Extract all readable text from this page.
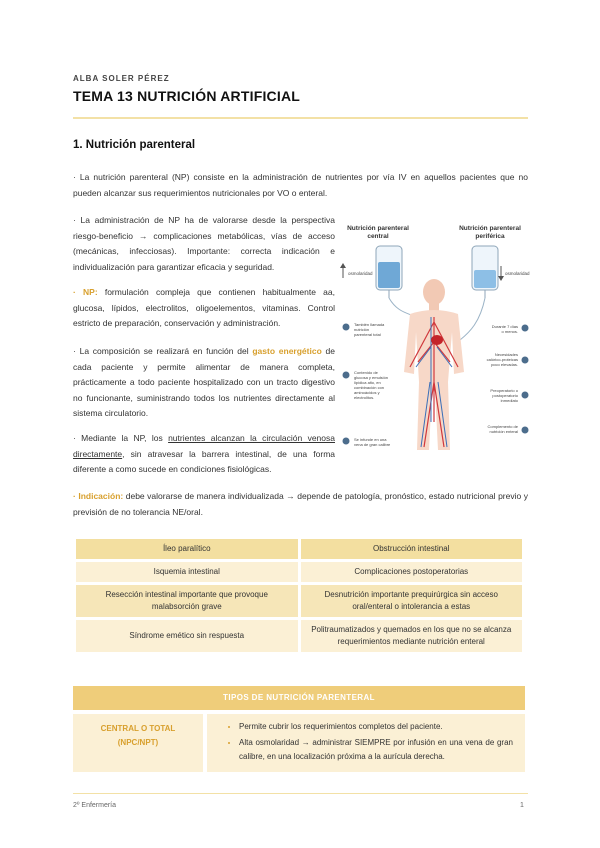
ALBA SOLER PÉREZ
TEMA 13 NUTRICIÓN ARTIFICIAL
1. Nutrición parenteral
· La nutrición parenteral (NP) consiste en la administración de nutrientes por vía IV en aquellos pacientes que no pueden alcanzar sus requerimientos nutricionales por VO o enteral.
· La administración de NP ha de valorarse desde la perspectiva riesgo-beneficio → complicaciones metabólicas, vías de acceso (mecánicas, infecciosas). Importante: correcta indicación e individualización para garantizar eficacia y seguridad.
· NP: formulación compleja que contienen habitualmente aa, glucosa, lípidos, electrolitos, oligoelementos, vitaminas. Control estricto de preparación, conservación y administración.
· La composición se realizará en función del gasto energético de cada paciente y permite alimentar de manera completa, prácticamente a todo paciente hospitalizado con un tracto digestivo no funcionante, suministrando todos los nutrientes directamente al sistema circulatorio.
· Mediante la NP, los nutrientes alcanzan la circulación venosa directamente, sin atravesar la barrera intestinal, de una forma diferente a como sucede en condiciones fisiológicas.
· Indicación: debe valorarse de manera individualizada → depende de patología, pronóstico, estado nutricional previo y previsión de no tolerancia NE/oral.
Nutrición parenteral
central
Nutrición parenteral
periférica
osmolaridad	osmolaridad
También llamada nutrición parenteral total
Contenido de glucosa y emulsión lipídica alto, en combinación con aminoácidos y electrolitos.
Se infunde en una vena de gran calibre
Durante 7 días o menos.
Necesidades calórico-proteicas poco elevadas.
Preoperatorio o postoperatorio inmediato
Complemento de nutrición enteral
Íleo paralítico	Obstrucción intestinal
Isquemia intestinal	Complicaciones postoperatorias
Resección intestinal importante que provoque malabsorción grave	Desnutrición importante prequirúrgica sin acceso oral/enteral o intolerancia a estas
Síndrome emético sin respuesta	Politraumatizados y quemados en los que no se alcanza requerimientos mediante nutrición enteral
TIPOS DE NUTRICIÓN PARENTERAL
CENTRAL O TOTAL
(NPC/NPT)
• Permite cubrir los requerimientos completos del paciente.
• Alta osmolaridad → administrar SIEMPRE por infusión en una vena de gran calibre, en una localización próxima a la aurícula derecha.
2º Enfermería	1
